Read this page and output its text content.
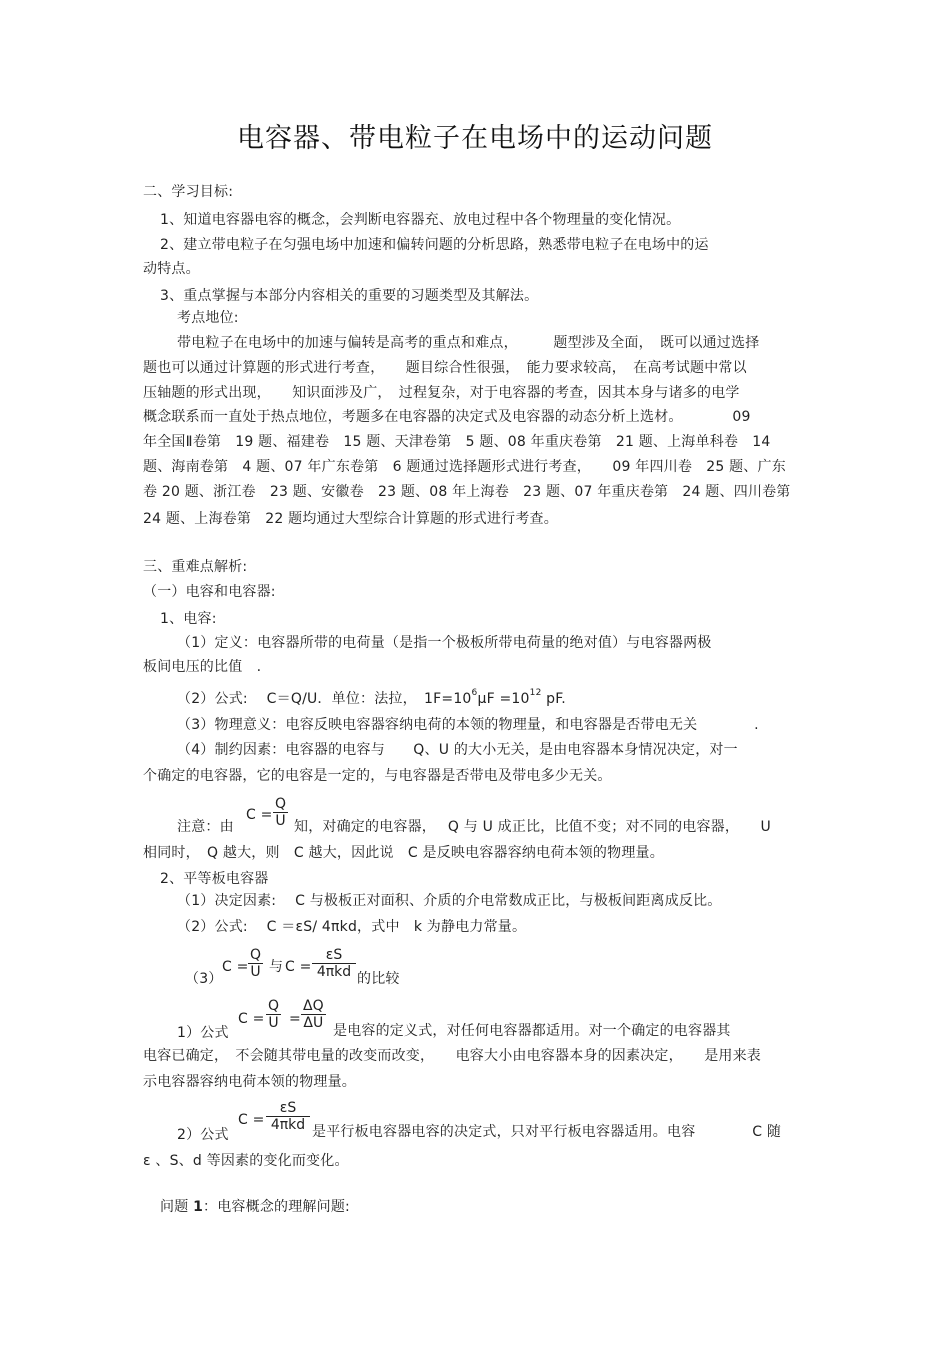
电容器、带电粒子在电场中的运动问题
二、学习目标:
1、知道电容器电容的概念，会判断电容器充、放电过程中各个物理量的变化情况。
2、建立带电粒子在匀强电场中加速和偏转问题的分析思路，熟悉带电粒子在电场中的运
动特点。
3、重点掌握与本部分内容相关的重要的习题类型及其解法。
考点地位:
带电粒子在电场中的加速与偏转是高考的重点和难点，　　　题型涉及全面，　既可以通过选择
题也可以通过计算题的形式进行考查，　　题目综合性很强，　能力要求较高，　在高考试题中常以
压轴题的形式出现，　　知识面涉及广，　过程复杂，对于电容器的考查，因其本身与诸多的电学
概念联系而一直处于热点地位，考题多在电容器的决定式及电容器的动态分析上选材。　　　　09
年全国Ⅱ卷第　19 题、福建卷　15 题、天津卷第　5 题、08 年重庆卷第　21 题、上海单科卷　14
题、海南卷第　4 题、07 年广东卷第　6 题通过选择题形式进行考查，　　09 年四川卷　25 题、广东
卷 20 题、浙江卷　23 题、安徽卷　23 题、08 年上海卷　23 题、07 年重庆卷第　24 题、四川卷第
24 题、上海卷第　22 题均通过大型综合计算题的形式进行考查。
三、重难点解析:
（一）电容和电容器:
1、电容:
（1）定义：电容器所带的电荷量（是指一个极板所带电荷量的绝对值）与电容器两极
板间电压的比值　.
（2）公式:　 C＝Q/U．单位：法拉，　$1F=10^6\mu F =10^{12}$ pF.
（3）物理意义：电容反映电容器容纳电荷的本领的物理量，和电容器是否带电无关　　　　.
（4）制约因素：电容器的电容与　　Q、U 的大小无关，是由电容器本身情况决定，对一
个确定的电容器，它的电容是一定的，与电容器是否带电及带电多少无关。
注意：由
$C = \frac{Q}{U}$ 知，对确定的电容器，　 Q 与 U 成正比，比值不变；对不同的电容器，　　U
相同时，　Q 越大，则　C 越大，因此说　C 是反映电容器容纳电荷本领的物理量。
2、平等板电容器
（1）决定因素:　 C 与极板正对面积、介质的介电常数成正比，与极板间距离成反比。
（2）公式:　 C ＝εS/ 4πkd，式中　k 为静电力常量。
（3）
$C = \frac{Q}{U}$ 与 C =
εS
4πkd 的比较
1）公式
$C = \frac{Q}{U} = \frac{\Delta Q}{\Delta U}$ 是电容的定义式，对任何电容器都适用。对一个确定的电容器其
电容已确定，　不会随其带电量的改变而改变，　　电容大小由电容器本身的因素决定，　　是用来表
示电容器容纳电荷本领的物理量。
2）公式
C =
εS
4πkd 是平行板电容器电容的决定式，只对平行板电容器适用。电容　　　　C 随
ε 、S、d 等因素的变化而变化。
问题 1：电容概念的理解问题:
